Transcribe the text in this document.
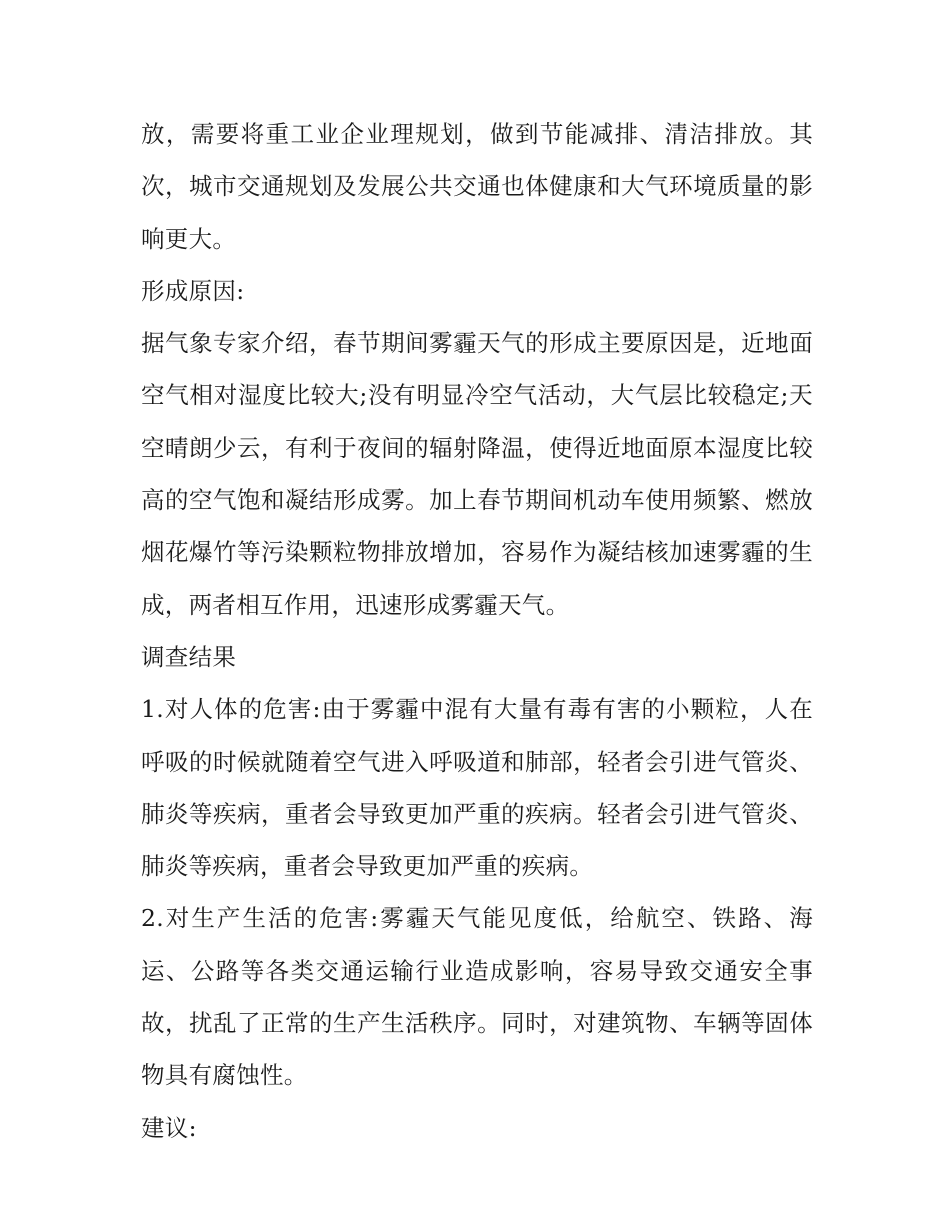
放，需要将重工业企业理规划，做到节能减排、清洁排放。其次，城市交通规划及发展公共交通也体健康和大气环境质量的影响更大。

形成原因:

据气象专家介绍，春节期间雾霾天气的形成主要原因是，近地面空气相对湿度比较大;没有明显冷空气活动，大气层比较稳定;天空晴朗少云，有利于夜间的辐射降温，使得近地面原本湿度比较高的空气饱和凝结形成雾。加上春节期间机动车使用频繁、燃放烟花爆竹等污染颗粒物排放增加，容易作为凝结核加速雾霾的生成，两者相互作用，迅速形成雾霾天气。

调查结果

1.对人体的危害:由于雾霾中混有大量有毒有害的小颗粒，人在呼吸的时候就随着空气进入呼吸道和肺部，轻者会引进气管炎、肺炎等疾病，重者会导致更加严重的疾病。轻者会引进气管炎、肺炎等疾病，重者会导致更加严重的疾病。

2.对生产生活的危害:雾霾天气能见度低，给航空、铁路、海运、公路等各类交通运输行业造成影响，容易导致交通安全事故，扰乱了正常的生产生活秩序。同时，对建筑物、车辆等固体物具有腐蚀性。

建议:
